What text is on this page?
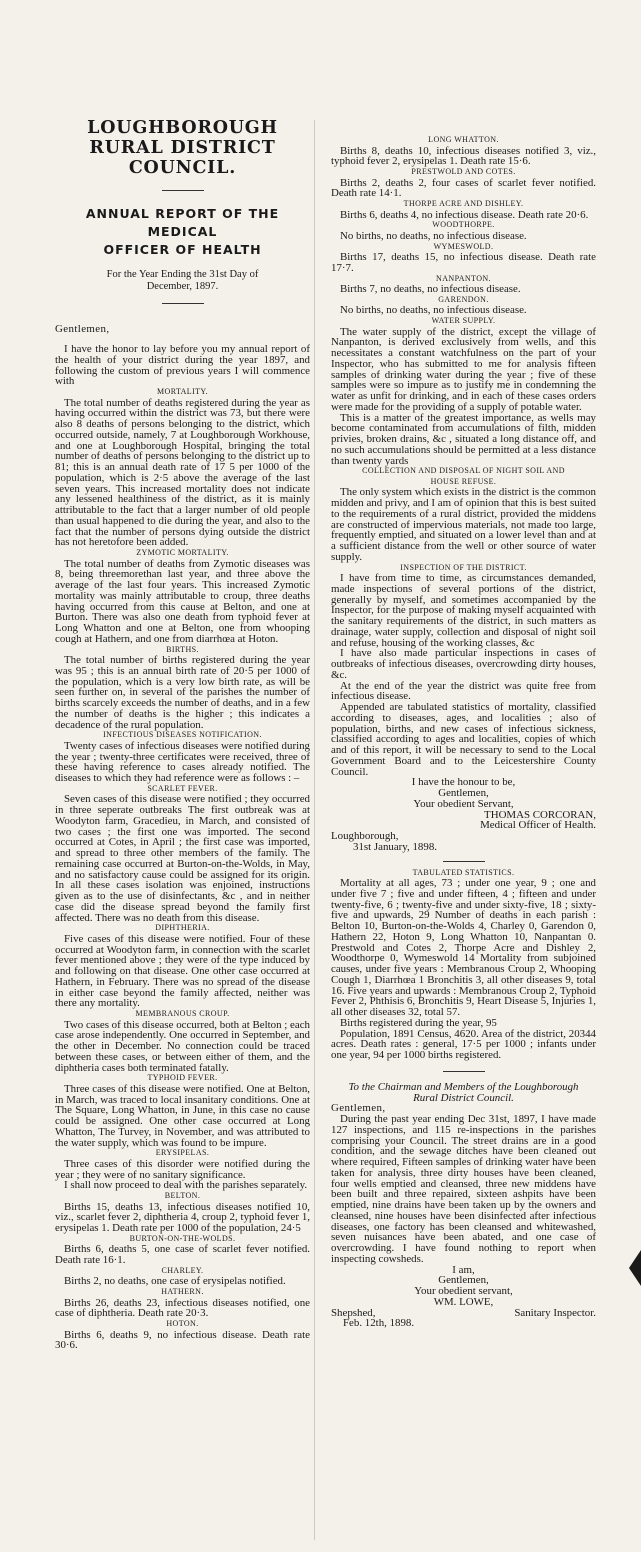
LOUGHBOROUGH RURAL DISTRICT
COUNCIL.
ANNUAL REPORT OF THE MEDICAL
OFFICER OF HEALTH
For the Year Ending the 31st Day of
December, 1897.
Gentlemen,

I have the honor to lay before you my annual report of the health of your district during the year 1897, and following the custom of previous years I will commence with

MORTALITY.

The total number of deaths registered during the year as having occurred within the district was 73, but there were also 8 deaths of persons belonging to the district, which occurred outside, namely, 7 at Loughborough Workhouse, and one at Loughborough Hospital, bringing the total number of deaths of persons belonging to the district up to 81; this is an annual death rate of 17 5 per 1000 of the population, which is 2·5 above the average of the last seven years. This increased mortality does not indicate any lessened healthiness of the district, as it is mainly attributable to the fact that a larger number of old people than usual happened to die during the year, and also to the fact that the number of persons dying outside the district has not heretofore been added.

ZYMOTIC MORTALITY.

The total number of deaths from Zymotic diseases was 8, being threemorethan last year, and three above the average of the last four years. This increased Zymotic mortality was mainly attributable to croup, three deaths having occurred from this cause at Belton, and one at Burton. There was also one death from typhoid fever at Long Whatton and one at Belton, one from whooping cough at Hathern, and one from diarrhœa at Hoton.

BIRTHS.

The total number of births registered during the year was 95 ; this is an annual birth rate of 20·5 per 1000 of the population, which is a very low birth rate, as will be seen further on, in several of the parishes the number of births scarcely exceeds the number of deaths, and in a few the number of deaths is the higher ; this indicates a decadence of the rural population.

INFECTIOUS DISEASES NOTIFICATION.

Twenty cases of infectious diseases were notified during the year ; twenty-three certificates were received, three of these having reference to cases already notified. The diseases to which they had reference were as follows : –

SCARLET FEVER.

Seven cases of this disease were notified ; they occurred in three seperate outbreaks The first outbreak was at Woodyton farm, Gracedieu, in March, and consisted of two cases ; the first one was imported. The second occurred at Cotes, in April ; the first case was imported, and spread to three other members of the family. The remaining case occurred at Burton-on-the-Wolds, in May, and no satisfactory cause could be assigned for its origin. In all these cases isolation was enjoined, instructions given as to the use of disinfectants, &c , and in neither case did the disease spread beyond the family first affected. There was no death from this disease.

DIPHTHERIA.

Five cases of this disease were notified. Four of these occurred at Woodyton farm, in connection with the scarlet fever mentioned above ; they were of the type induced by and following on that disease. One other case occurred at Hathern, in February. There was no spread of the disease in either case beyond the family affected, neither was there any mortality.

MEMBRANOUS CROUP.

Two cases of this disease occurred, both at Belton ; each case arose independently. One occurred in September, and the other in December. No connection could be traced between these cases, or between either of them, and the diphtheria cases both terminated fatally.

TYPHOID FEVER.

Three cases of this disease were notified. One at Belton, in March, was traced to local insanitary conditions. One at The Square, Long Whatton, in June, in this case no cause could be assigned. One other case occurred at Long Whatton, The Turvey, in November, and was attributed to the water supply, which was found to be impure.

ERYSIPELAS.

Three cases of this disorder were notified during the year ; they were of no sanitary significance.

I shall now proceed to deal with the parishes separately.

BELTON.

Births 15, deaths 13, infectious diseases notified 10, viz., scarlet fever 2, diphtheria 4, croup 2, typhoid fever 1, erysipelas 1. Death rate per 1000 of the population, 24·5

BURTON-ON-THE-WOLDS.

Births 6, deaths 5, one case of scarlet fever notified. Death rate 16·1.

CHARLEY.

Births 2, no deaths, one case of erysipelas notified.

HATHERN.

Births 26, deaths 23, infectious diseases notified, one case of diphtheria. Death rate 20·3.

HOTON.

Births 6, deaths 9, no infectious disease. Death rate 30·6.

LONG WHATTON.

Births 8, deaths 10, infectious diseases notified 3, viz., typhoid fever 2, erysipelas 1. Death rate 15·6.

PRESTWOLD AND COTES.

Births 2, deaths 2, four cases of scarlet fever notified. Death rate 14·1.

THORPE ACRE AND DISHLEY.

Births 6, deaths 4, no infectious disease. Death rate 20·6.

WOODTHORPE.

No births, no deaths, no infectious disease.

WYMESWOLD.

Births 17, deaths 15, no infectious disease. Death rate 17·7.

NANPANTON.

Births 7, no deaths, no infectious disease.

GARENDON.

No births, no deaths, no infectious disease.

WATER SUPPLY.

The water supply of the district, except the village of Nanpanton, is derived exclusively from wells, and this necessitates a constant watchfulness on the part of your Inspector, who has submitted to me for analysis fifteen samples of drinking water during the year ; five of these samples were so impure as to justify me in condemning the water as unfit for drinking, and in each of these cases orders were made for the providing of a supply of potable water.

This is a matter of the greatest importance, as wells may become contaminated from accumulations of filth, midden privies, broken drains, &c , situated a long distance off, and no such accumulations should be permitted at a less distance than twenty yards

COLLECTION AND DISPOSAL OF NIGHT SOIL AND
HOUSE REFUSE.

The only system which exists in the district is the common midden and privy, and I am of opinion that this is best suited to the requirements of a rural district, provided the middens are constructed of impervious materials, not made too large, frequently emptied, and situated on a lower level than and at a sufficient distance from the well or other source of water supply.

INSPECTION OF THE DISTRICT.

I have from time to time, as circumstances demanded, made inspections of several portions of the district, generally by myself, and sometimes accompanied by the Inspector, for the purpose of making myself acquainted with the sanitary requirements of the district, in such matters as drainage, water supply, collection and disposal of night soil and refuse, housing of the working classes, &c

I have also made particular inspections in cases of outbreaks of infectious diseases, overcrowding dirty houses, &c.

At the end of the year the district was quite free from infectious disease.

Appended are tabulated statistics of mortality, classified according to diseases, ages, and localities ; also of population, births, and new cases of infectious sickness, classified according to ages and localities, copies of which and of this report, it will be necessary to send to the Local Government Board and to the Leicestershire County Council.

I have the honour to be,

Gentlemen,

Your obedient Servant,

THOMAS CORCORAN,

Medical Officer of Health.

Loughborough,

31st January, 1898.

TABULATED STATISTICS.

Mortality at all ages, 73 ; under one year, 9 ; one and under five 7 ; five and under fifteen, 4 ; fifteen and under twenty-five, 6 ; twenty-five and under sixty-five, 18 ; sixty-five and upwards, 29 Number of deaths in each parish : Belton 10, Burton-on-the-Wolds 4, Charley 0, Garendon 0, Hathern 22, Hoton 9, Long Whatton 10, Nanpantan 0. Prestwold and Cotes 2, Thorpe Acre and Dishley 2, Woodthorpe 0, Wymeswold 14 Mortality from subjoined causes, under five years : Membranous Croup 2, Whooping Cough 1, Diarrhœa 1 Bronchitis 3, all other diseases 9, total 16. Five years and upwards : Membranous Croup 2, Typhoid Fever 2, Phthisis 6, Bronchitis 9, Heart Disease 5, Injuries 1, all other diseases 32, total 57.

Births registered during the year, 95

Population, 1891 Census, 4620. Area of the district, 20344 acres. Death rates : general, 17·5 per 1000 ; infants under one year, 94 per 1000 births registered.

To the Chairman and Members of the Loughborough

Rural District Council.

Gentlemen,

During the past year ending Dec 31st, 1897, I have made 127 inspections, and 115 re-inspections in the parishes comprising your Council. The street drains are in a good condition, and the sewage ditches have been cleaned out where required, Fifteen samples of drinking water have been taken for analysis, three dirty houses have been cleaned, four wells emptied and cleansed, three new middens have been built and three repaired, sixteen ashpits have been emptied, nine drains have been taken up by the owners and cleansed, nine houses have been disinfected after infectious diseases, one factory has been cleansed and whitewashed, seven nuisances have been abated, and one case of overcrowding. I have found nothing to report when inspecting cowsheds.

I am,

Gentlemen,

Your obedient servant,

WM. LOWE,

Shepshed,	Sanitary Inspector.

Feb. 12th, 1898.
